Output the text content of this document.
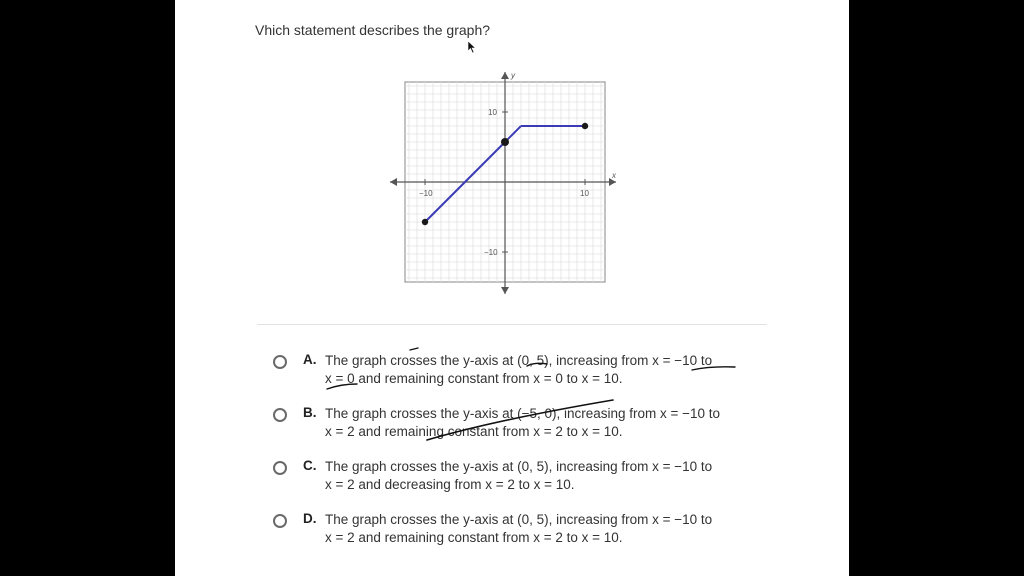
Vhich statement describes the graph?
x
y
−10	10
10
−10
A. The graph crosses the y-axis at (0, 5), increasing from x = −10 to
x = 0 and remaining constant from x = 0 to x = 10.
B. The graph crosses the y-axis at (−5, 0), increasing from x = −10 to
x = 2 and remaining constant from x = 2 to x = 10.
C. The graph crosses the y-axis at (0, 5), increasing from x = −10 to
x = 2 and decreasing from x = 2 to x = 10.
D. The graph crosses the y-axis at (0, 5), increasing from x = −10 to
x = 2 and remaining constant from x = 2 to x = 10.
